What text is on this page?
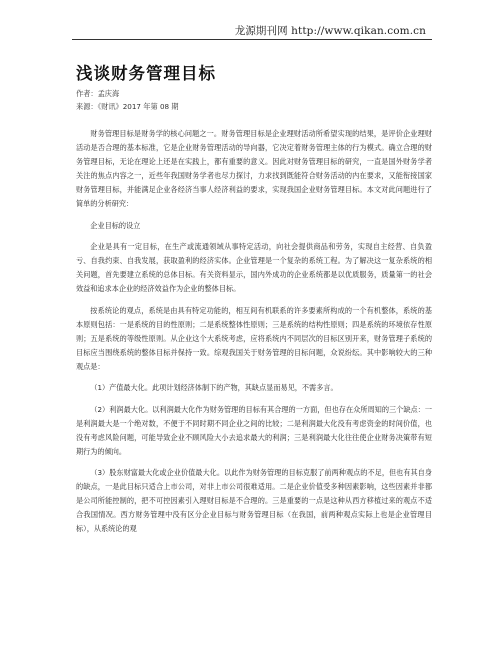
龙源期刊网 http://www.qikan.com.cn
浅谈财务管理目标
作者：孟庆海
来源：《财讯》2017 年第 08 期

财务管理目标是财务学的核心问题之一。财务管理目标是企业理财活动所希望实现的结果，是评价企业理财活动是否合理的基本标准，它是企业财务管理活动的导向器，它决定着财务管理主体的行为模式。确立合理的财务管理目标，无论在理论上还是在实践上，都有重要的意义。因此对财务管理目标的研究，一直是国外财务学者关注的焦点内容之一，近些年我国财务学者也尽力探讨，力求找到既能符合财务活动的内在要求，又能衔接国家财务管理目标，并能满足企业各经济当事人经济利益的要求，实现我国企业财务管理目标。本文对此问题进行了简单的分析研究：

企业目标的设立

企业是具有一定目标，在生产或流通领域从事特定活动，向社会提供商品和劳务，实现自主经营、自负盈亏、自我约束、自我发展，获取盈利的经济实体。企业管理是一个复杂的系统工程。为了解决这一复杂系统的相关问题，首先要建立系统的总体目标。有关资料显示，国内外成功的企业系统都是以优质服务，质量第一的社会效益和追求本企业的经济效益作为企业的整体目标。

按系统论的观点，系统是由具有特定功能的，相互间有机联系的许多要素所构成的一个有机整体，系统的基本原则包括：一是系统的目的性原则；二是系统整体性原则；三是系统的结构性原则；四是系统的环境依存性原则；五是系统的等级性原则。从企业这个大系统考虑，应将系统内不同层次的目标区别开来，财务管理子系统的目标应当围绕系统的整体目标并保持一致。综观我国关于财务管理的目标问题，众说纷纭。其中影响较大的三种观点是：

（1）产值最大化。此项计划经济体制下的产物，其缺点显而易见，不需多言。

（2）利润最大化。以利润最大化作为财务管理的目标有其合理的一方面，但也存在众所周知的三个缺点：一是利润最大是一个绝对数，不便于不同时期不同企业之间的比较；二是利润最大化没有考虑资金的时间价值，也没有考虑风险问题，可能导致企业不顾风险大小去追求最大的利润；三是利润最大化往往使企业财务决策带有短期行为的倾向。

（3）股东财富最大化或企业价值最大化。以此作为财务管理的目标克服了前两种观点的不足，但也有其自身的缺点，一是此目标只适合上市公司，对非上市公司很难适用。二是企业价值受多种因素影响，这些因素并非都是公司所能控制的，把不可控因素引入理财目标是不合理的。三是重要的一点是这种从西方移植过来的观点不适合我国情况。西方财务管理中没有区分企业目标与财务管理目标（在我国，前两种观点实际上也是企业管理目标），从系统论的观
